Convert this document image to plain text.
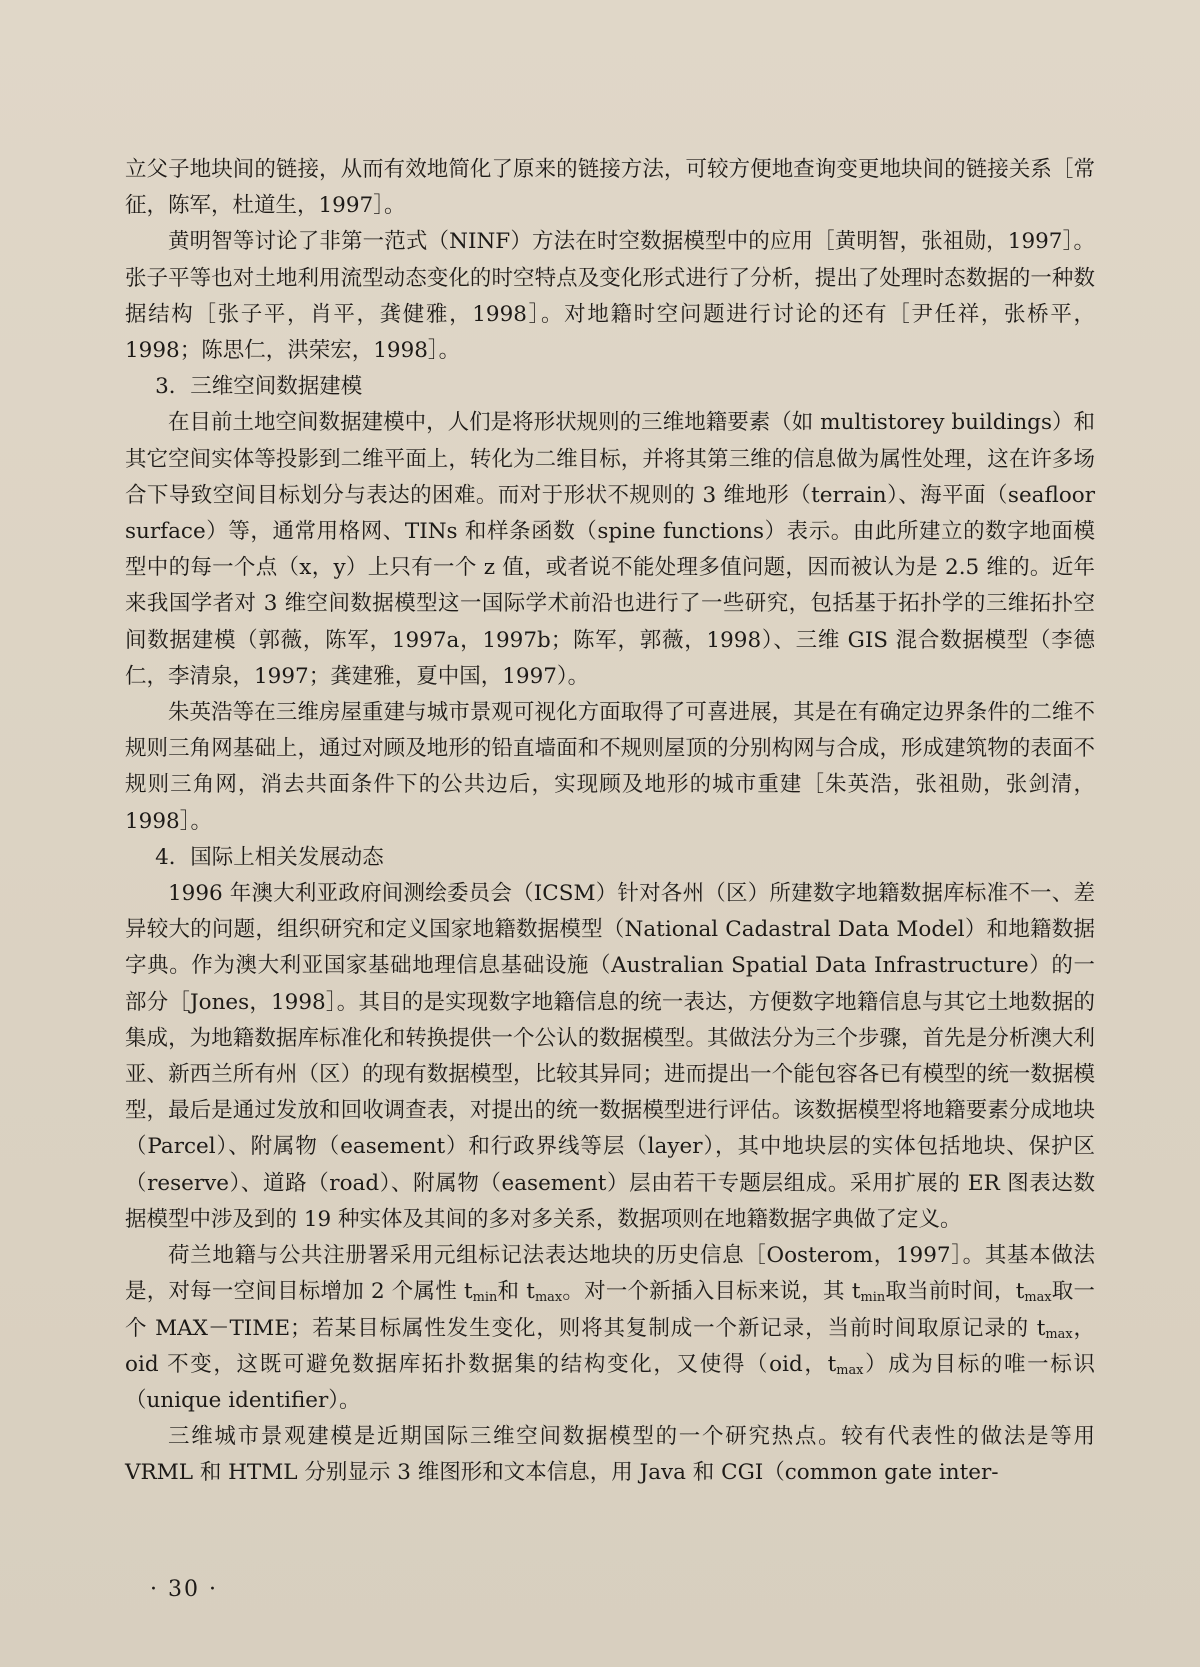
立父子地块间的链接，从而有效地简化了原来的链接方法，可较方便地查询变更地块间的链接关系［常征，陈军，杜道生，1997］。

黄明智等讨论了非第一范式（NINF）方法在时空数据模型中的应用［黄明智，张祖勋，1997］。张子平等也对土地利用流型动态变化的时空特点及变化形式进行了分析，提出了处理时态数据的一种数据结构［张子平，肖平，龚健雅，1998］。对地籍时空问题进行讨论的还有［尹任祥，张桥平，1998；陈思仁，洪荣宏，1998］。

3．三维空间数据建模

在目前土地空间数据建模中，人们是将形状规则的三维地籍要素（如 multistorey buildings）和其它空间实体等投影到二维平面上，转化为二维目标，并将其第三维的信息做为属性处理，这在许多场合下导致空间目标划分与表达的困难。而对于形状不规则的 3 维地形（terrain）、海平面（seafloor surface）等，通常用格网、TINs 和样条函数（spine functions）表示。由此所建立的数字地面模型中的每一个点（x，y）上只有一个 z 值，或者说不能处理多值问题，因而被认为是 2.5 维的。近年来我国学者对 3 维空间数据模型这一国际学术前沿也进行了一些研究，包括基于拓扑学的三维拓扑空间数据建模（郭薇，陈军，1997a，1997b；陈军，郭薇，1998）、三维 GIS 混合数据模型（李德仁，李清泉，1997；龚建雅，夏中国，1997）。

朱英浩等在三维房屋重建与城市景观可视化方面取得了可喜进展，其是在有确定边界条件的二维不规则三角网基础上，通过对顾及地形的铅直墙面和不规则屋顶的分别构网与合成，形成建筑物的表面不规则三角网，消去共面条件下的公共边后，实现顾及地形的城市重建［朱英浩，张祖勋，张剑清，1998］。

4．国际上相关发展动态

1996 年澳大利亚政府间测绘委员会（ICSM）针对各州（区）所建数字地籍数据库标准不一、差异较大的问题，组织研究和定义国家地籍数据模型（National Cadastral Data Model）和地籍数据字典。作为澳大利亚国家基础地理信息基础设施（Australian Spatial Data Infrastructure）的一部分［Jones，1998］。其目的是实现数字地籍信息的统一表达，方便数字地籍信息与其它土地数据的集成，为地籍数据库标准化和转换提供一个公认的数据模型。其做法分为三个步骤，首先是分析澳大利亚、新西兰所有州（区）的现有数据模型，比较其异同；进而提出一个能包容各已有模型的统一数据模型，最后是通过发放和回收调查表，对提出的统一数据模型进行评估。该数据模型将地籍要素分成地块（Parcel）、附属物（easement）和行政界线等层（layer），其中地块层的实体包括地块、保护区（reserve）、道路（road）、附属物（easement）层由若干专题层组成。采用扩展的 ER 图表达数据模型中涉及到的 19 种实体及其间的多对多关系，数据项则在地籍数据字典做了定义。

荷兰地籍与公共注册署采用元组标记法表达地块的历史信息［Oosterom，1997］。其基本做法是，对每一空间目标增加 2 个属性 $t_{min}$和 $t_{max}$。对一个新插入目标来说，其 $t_{min}$取当前时间，$t_{max}$取一个 MAX－TIME；若某目标属性发生变化，则将其复制成一个新记录，当前时间取原记录的 $t_{max}$，oid 不变，这既可避免数据库拓扑数据集的结构变化，又使得（oid，$t_{max}$）成为目标的唯一标识（unique identifier）。

三维城市景观建模是近期国际三维空间数据模型的一个研究热点。较有代表性的做法是等用 VRML 和 HTML 分别显示 3 维图形和文本信息，用 Java 和 CGI（common gate inter-

· 30 ·
